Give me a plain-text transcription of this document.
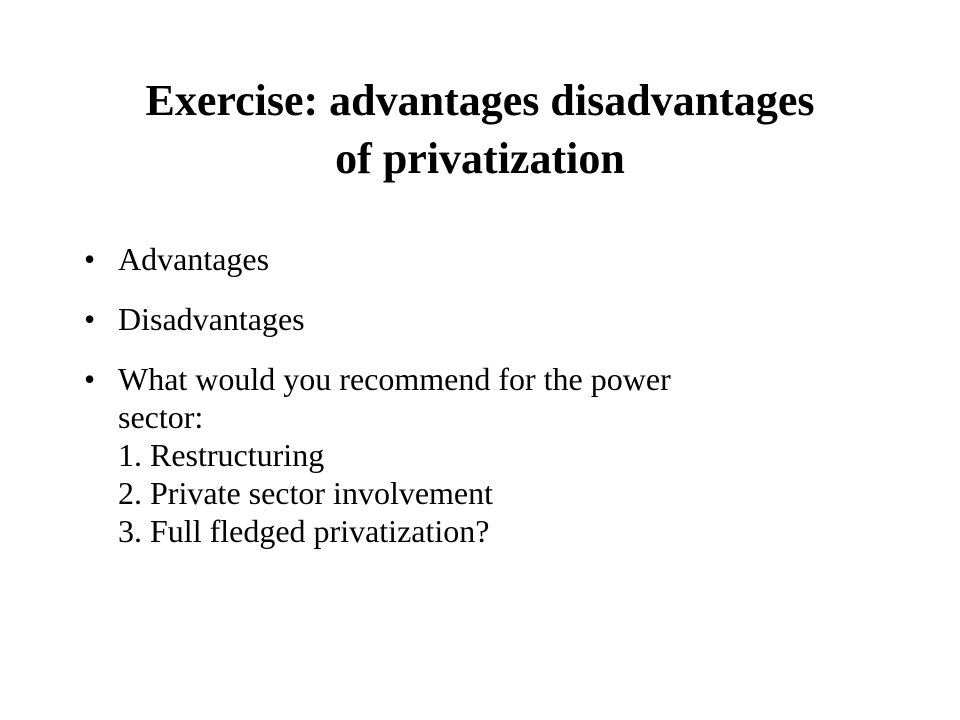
Exercise: advantages disadvantages
of privatization
• Advantages
• Disadvantages
• What would you recommend for the power
sector:
1. Restructuring
2. Private sector involvement
3. Full fledged privatization?
